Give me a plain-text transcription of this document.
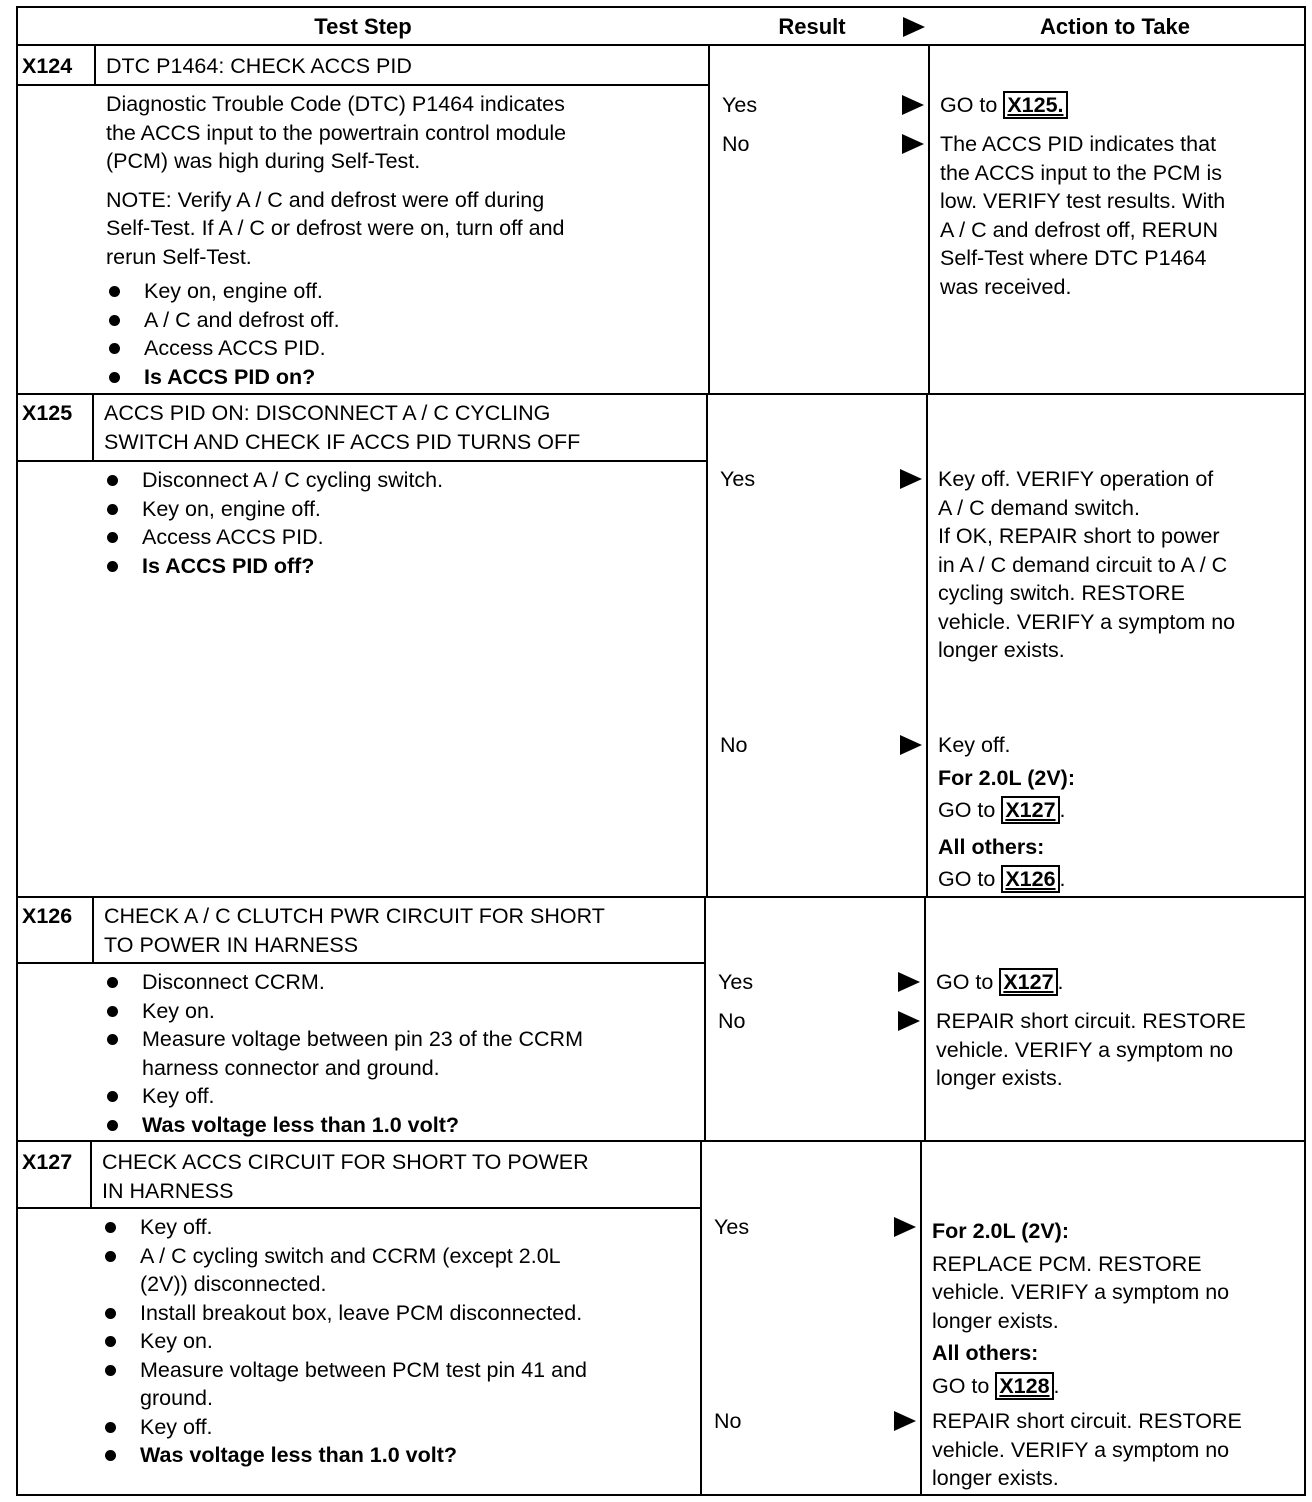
Test Step	Result	Action to Take
X124 DTC P1464: CHECK ACCS PID
Diagnostic Trouble Code (DTC) P1464 indicates
the ACCS input to the powertrain control module
(PCM) was high during Self-Test.
NOTE: Verify A / C and defrost were off during
Self-Test. If A / C or defrost were on, turn off and
rerun Self-Test.
Key on, engine off.
A / C and defrost off.
Access ACCS PID.
Is ACCS PID on?
Yes	GO to X125.
No	The ACCS PID indicates that
the ACCS input to the PCM is
low. VERIFY test results. With
A / C and defrost off, RERUN
Self-Test where DTC P1464
was received.
X125 ACCS PID ON: DISCONNECT A / C CYCLING
SWITCH AND CHECK IF ACCS PID TURNS OFF
Disconnect A / C cycling switch.
Key on, engine off.
Access ACCS PID.
Is ACCS PID off?
Yes	Key off. VERIFY operation of
A / C demand switch.
If OK, REPAIR short to power
in A / C demand circuit to A / C
cycling switch. RESTORE
vehicle. VERIFY a symptom no
longer exists.
No	Key off.
For 2.0L (2V):
GO to X127 .
All others:
GO to X126 .
X126 CHECK A / C CLUTCH PWR CIRCUIT FOR SHORT
TO POWER IN HARNESS
Disconnect CCRM.
Key on.
Measure voltage between pin 23 of the CCRM
harness connector and ground.
Key off.
Was voltage less than 1.0 volt?
Yes	GO to X127 .
No	REPAIR short circuit. RESTORE
vehicle. VERIFY a symptom no
longer exists.
X127 CHECK ACCS CIRCUIT FOR SHORT TO POWER
IN HARNESS
Key off.
A / C cycling switch and CCRM (except 2.0L
(2V)) disconnected.
Install breakout box, leave PCM disconnected.
Key on.
Measure voltage between PCM test pin 41 and
ground.
Key off.
Was voltage less than 1.0 volt?
Yes	For 2.0L (2V):
REPLACE PCM. RESTORE
vehicle. VERIFY a symptom no
longer exists.
All others:
GO to X128 .
No	REPAIR short circuit. RESTORE
vehicle. VERIFY a symptom no
longer exists.
